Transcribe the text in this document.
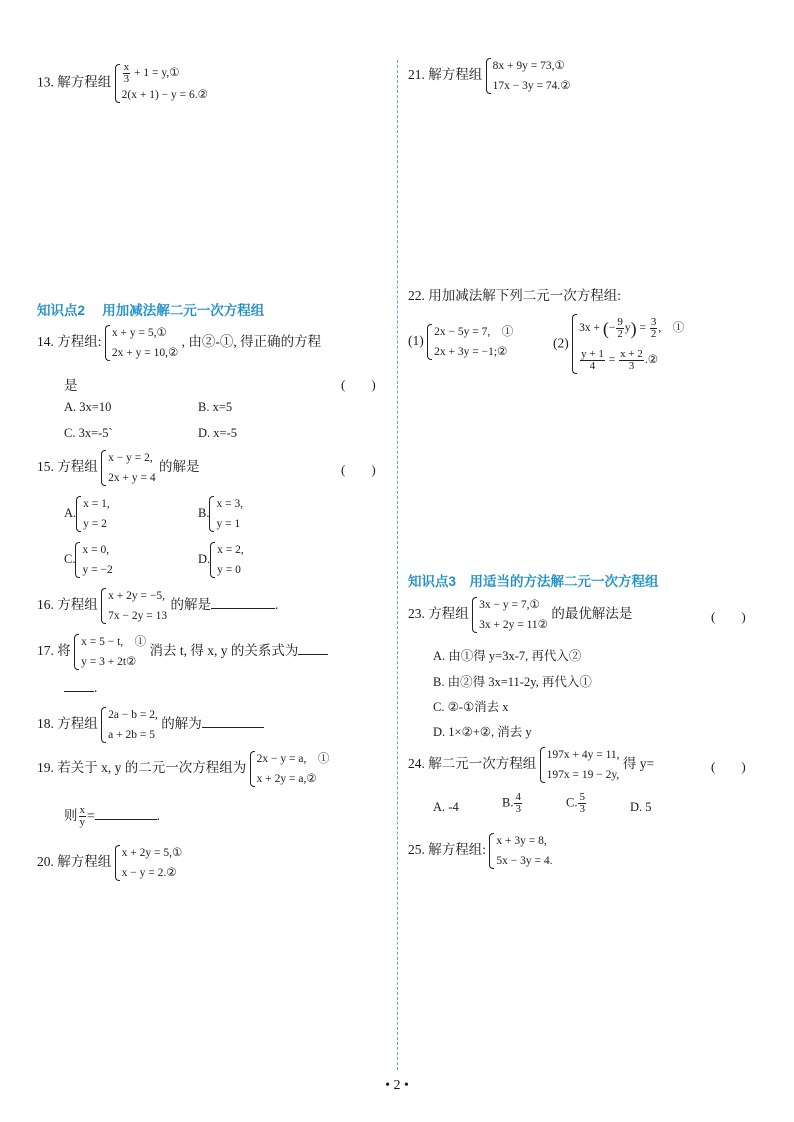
13. 解方程组 $\frac{x}{3} + 1$ = y,①
2(x + 1) − y = 6.②
21. 解方程组
8x + 9y = 73,①
17x − 3y = 74.②
知识点2　 用加减法解二元一次方程组
22. 用加减法解下列二元一次方程组:
(1)
2x − 5y = 7,　①
2x + 3y = −1;②
(2)
3x + (− $\frac{9}{2} y) = \frac{3}{2}$ ,　①
$\frac{y + 1}{4} = \frac{x + 2}{3}$ .②
14. 方程组:
x + y = 5,①
2x + y = 10,②
, 由②-①, 得正确的方程
是	(　　)
A. 3x=10	B. x=5
C. 3x=-5`	D. x=-5
15. 方程组
x − y = 2,
2x + y = 4
的解是	(　　)
A.
x = 1,
y = 2
B.
x = 3,
y = 1
C.
x = 0,
y = −2
D.
x = 2,
y = 0
知识点3　用适当的方法解二元一次方程组
16. 方程组
x + 2y = −5,
7x − 2y = 13
的解是	.
23. 方程组
3x − y = 7,①
3x + 2y = 11②
的最优解法是	(　　)
A. 由①得 y=3x-7, 再代入②
B. 由②得 3x=11-2y, 再代入①
C. ②-①消去 x
D. 1×②+②, 消去 y
17. 将
x = 5 − t,　①
y = 3 + 2t②
消去 t, 得 x, y 的关系式为
.
18. 方程组
2a − b = 2,
a + 2b = 5
的解为
19. 若关于 x, y 的二元一次方程组为
2x − y = a,　①
x + 2y = a,②
则 $\frac{x}{y}$ =	.
24. 解二元一次方程组
197x + 4y = 11,
197x = 19 − 2y,
得 y=	(　　)
A. -4	B. $\frac{4}{3}$	C. $\frac{5}{3}$	D. 5
20. 解方程组
x + 2y = 5,①
x − y = 2.②
25. 解方程组:
x + 3y = 8,
5x − 3y = 4.
• 2 •
